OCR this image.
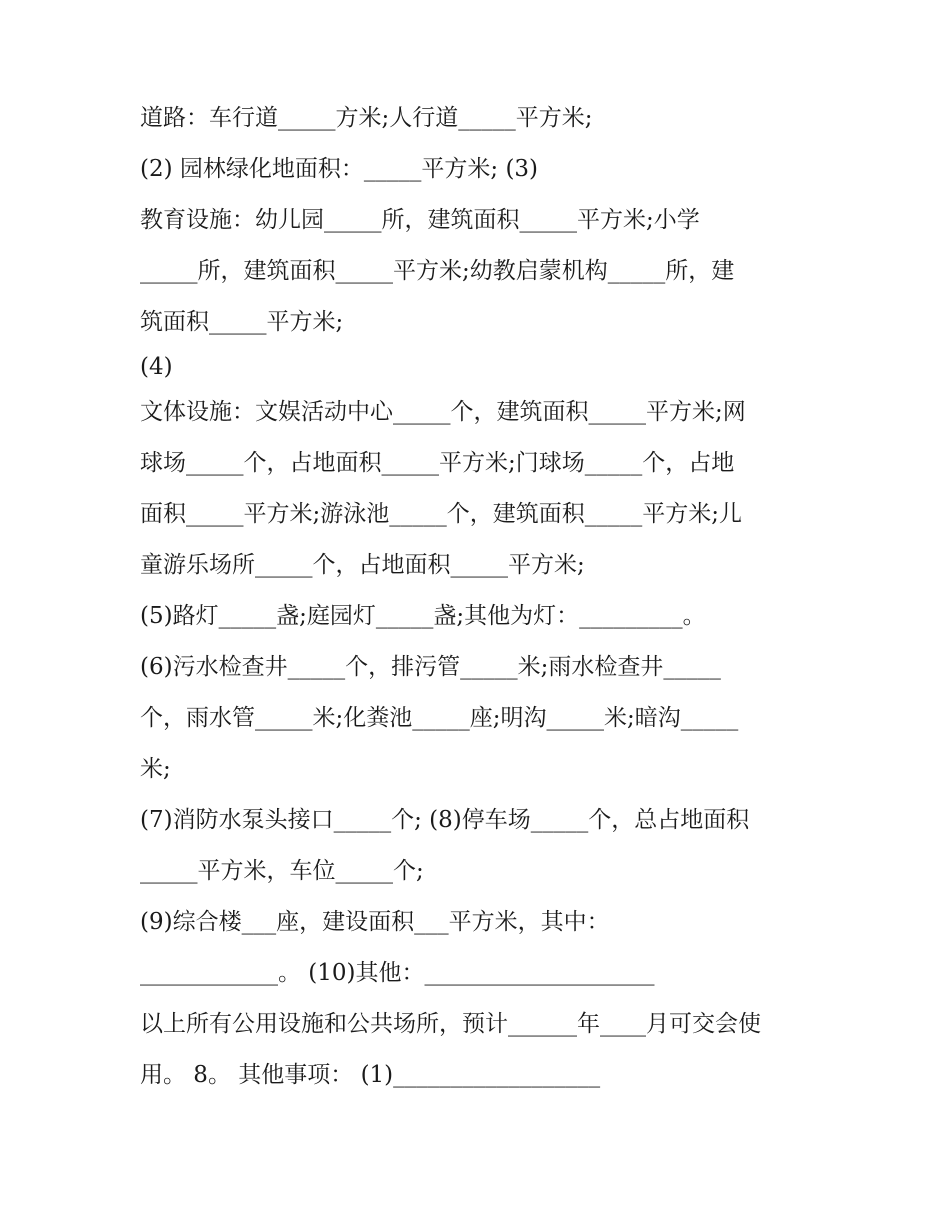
道路：车行道_____方米;人行道_____平方米;

(2) 园林绿化地面积：_____平方米; (3)

教育设施：幼儿园_____所，建筑面积_____平方米;小学

_____所，建筑面积_____平方米;幼教启蒙机构_____所，建

筑面积_____平方米;

(4)

文体设施：文娱活动中心_____个，建筑面积_____平方米;网

球场_____个，占地面积_____平方米;门球场_____个，占地

面积_____平方米;游泳池_____个，建筑面积_____平方米;儿

童游乐场所_____个，占地面积_____平方米;

(5)路灯_____盏;庭园灯_____盏;其他为灯：_________。

(6)污水检查井_____个，排污管_____米;雨水检查井_____

个，雨水管_____米;化粪池_____座;明沟_____米;暗沟_____

米;

(7)消防水泵头接口_____个; (8)停车场_____个，总占地面积

_____平方米，车位_____个;

(9)综合楼___座，建设面积___平方米，其中：

____________。 (10)其他：____________________

以上所有公用设施和公共场所，预计______年____月可交会使

用。 8。 其他事项： (1)__________________
